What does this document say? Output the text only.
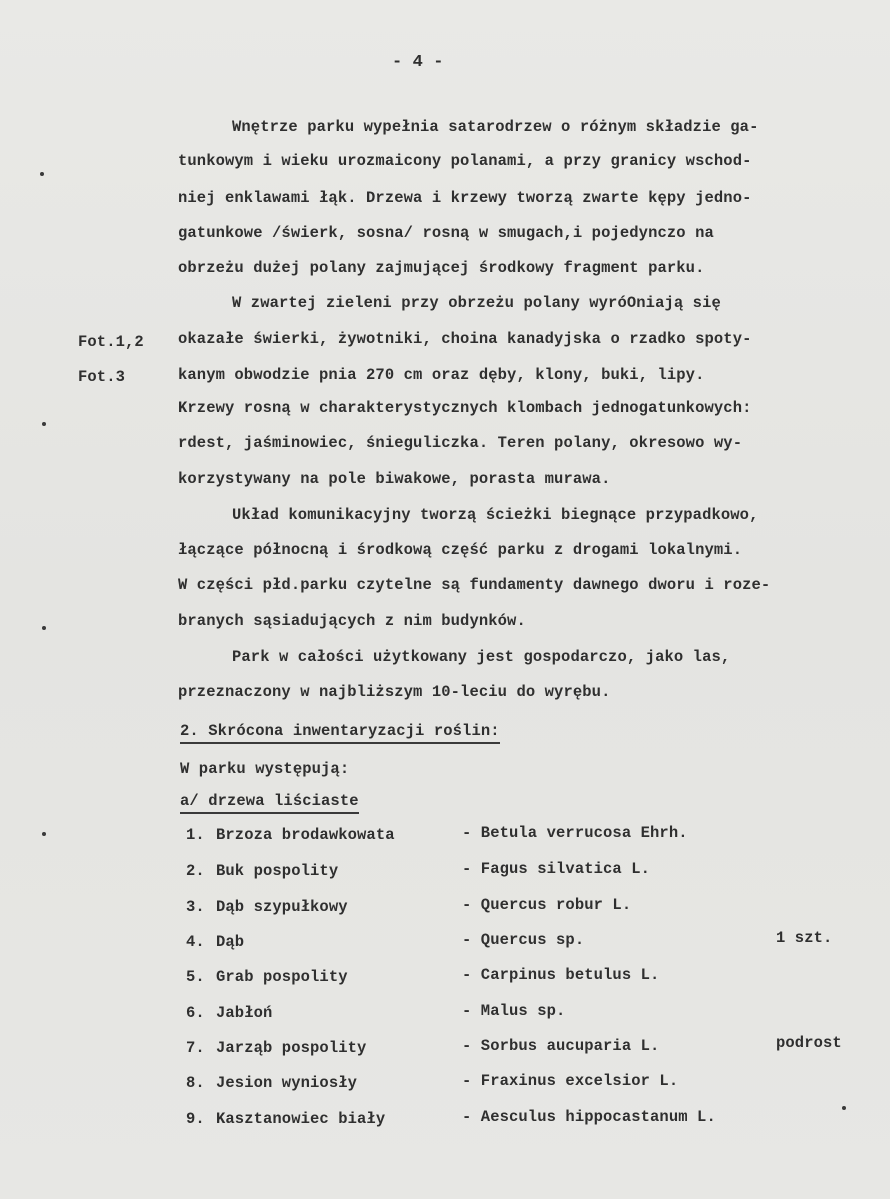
- 4 -
Wnętrze parku wypełnia satarodrzew o różnym składzie ga-
tunkowym i wieku urozmaicony polanami, a przy granicy wschod-
niej enklawami łąk. Drzewa i krzewy tworzą zwarte kępy jedno-
gatunkowe /świerk, sosna/ rosną w smugach,i pojedynczo na
obrzeżu dużej polany zajmującej środkowy fragment parku.
W zwartej zieleni przy obrzeżu polany wyróOniają się
Fot.1,2 okazałe świerki, żywotniki, choina kanadyjska o rzadko spoty-
Fot.3	kanym obwodzie pnia 270 cm oraz dęby, klony, buki, lipy.
Krzewy rosną w charakterystycznych klombach jednogatunkowych:
rdest, jaśminowiec, śnieguliczka. Teren polany, okresowo wy-
korzystywany na pole biwakowe, porasta murawa.
Układ komunikacyjny tworzą ścieżki biegnące przypadkowo,
łączące północną i środkową część parku z drogami lokalnymi.
W części płd.parku czytelne są fundamenty dawnego dworu i roze-
branych sąsiadujących z nim budynków.
Park w całości użytkowany jest gospodarczo, jako las,
przeznaczony w najbliższym 10-leciu do wyrębu.
2. Skrócona inwentaryzacji roślin:
W parku występują:
a/ drzewa liściaste
1. Brzoza brodawkowata	- Betula verrucosa Ehrh.
2. Buk pospolity	- Fagus silvatica L.
3. Dąb szypułkowy	- Quercus robur L.
4. Dąb	- Quercus sp.	1 szt.
5. Grab pospolity	- Carpinus betulus L.
6. Jabłoń	- Malus sp.
7. Jarząb pospolity	- Sorbus aucuparia L.	podrost
8. Jesion wyniosły	- Fraxinus excelsior L.
9. Kasztanowiec biały	- Aesculus hippocastanum L.
